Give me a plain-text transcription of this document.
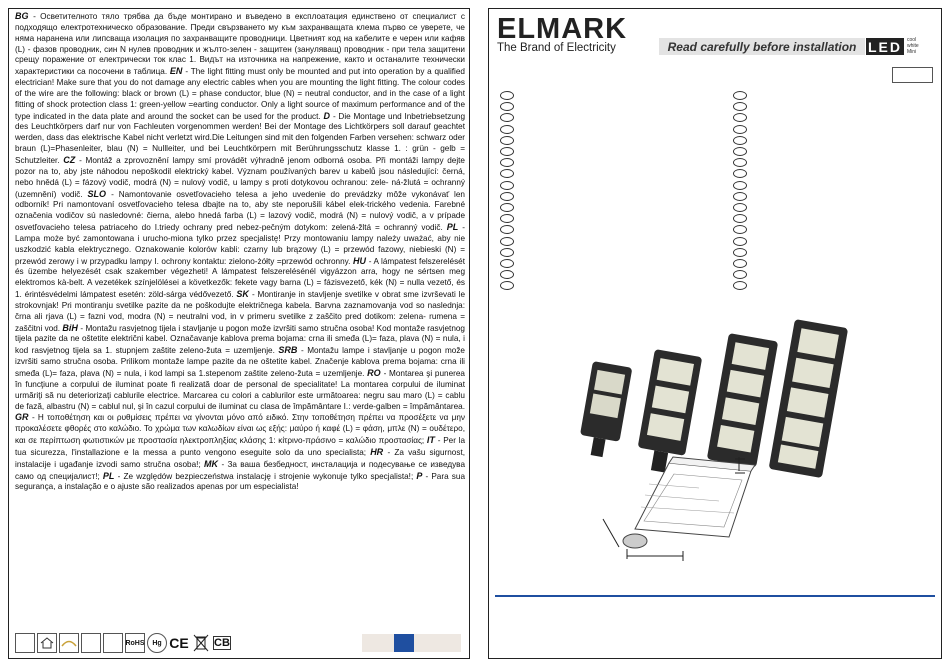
BG - Осветителното тяло трябва да бъде монтирано и въведено в експлоатация единствено от специалист с подходящо електротехническо образование. Преди свързването му към захранващата клема първо се уверете, че няма наранена или липсваща изолация по захранващите проводници. Цветният код на кабелите е черен или кафяв (L) - фазов проводник, син N нулев проводник и жълто-зелен - защитен (зануляващ) проводник - при тела защитени срещу поражение от електрически ток клас 1. Видът на източника на напрежение, както и останалите технически характеристики са посочени в таблица. EN - The light fitting must only be mounted and put into operation by a qualified electrician! Make sure that you do not damage any electric cables when you are mounting the light fitting. The colour codes of the wire are the following: black or brown (L) = phase conductor, blue (N) = neutral conductor, and in the case of a light fitting of shock protection class 1: green-yellow =earting conductor. Only a light source of maximum performance and of the type indicated in the data plate and around the socket can be used for the product. D - Die Montage und Inbetriebsetzung des Leuchtkörpers darf nur von Fachleuten vorgenommen werden! Bei der Montage des Lichtkörpers soll darauf geachtet werden, dass das elektrische Kabel nicht verletzt wird.Die Leitungen sind mit den folgenden Farben versehen: schwarz oder braun (L)=Phasenleiter, blau (N) = Nullleiter, und bei Leuchtkörpern mit Berührungsschutz klasse 1. : grün - gelb = Schutzleiter. CZ - Montáž a zprovoznění lampy smí provádět výhradně jenom odborná osoba. Při montáži lampy dejte pozor na to, aby jste náhodou nepoškodil elektrický kabel. Význam používaných barev u kabelů jsou následující: černá, nebo hnědá (L) = fázový vodič, modrá (N) = nulový vodič, u lampy s proti dotykovou ochranou: zele- ná-žlutá = ochranný (uzemnění) vodič. SLO - Namontovanie osvetľovacieho telesa a jeho uvedenie do prevádzky môže vykonávať len odborník! Pri namontovaní osvetľovacieho telesa dbajte na to, aby ste neporušili kábel elek-trického vedenia. Farebné označenia vodičov sú nasledovné: čierna, alebo hnedá farba (L) = lazový vodič, modrá (N) = nulový vodič, a v prípade osvetľovacieho telesa patriaceho do I.triedy ochrany pred nebez-pečným dotykom: zelená-žltá = ochranný vodič. PL - Lampa może być zamontowana i urucho-miona tylko przez specjalistę! Przy montowaniu lampy należy uważać, aby nie uszkodzić kabla elektrycznego. Oznakowanie kolorów kabli: czarny lub brązowy (L) = przewód fazowy, niebieski (N) = przewód zerowy i w przypadku lampy I. ochrony kontaktu: zielono-żółty =przewód ochronny. HU - A lámpatest felszerelését és üzembe helyezését csak szakember végezheti! A lámpatest felszerelésénél vigyázzon arra, hogy ne sértsen meg elektromos kà-belt. A vezetékek színjelölései a következők: fekete vagy barna (L) = fázisvezető, kék (N) = nulla vezető, és 1. érintésvédelmi lámpatest esetén: zöld-sárga védővezető. SK - Montiranje in stavljenje svetilke v obrat sme izvrševati le strokovnjak! Pri montiranju svetilke pazite da ne poškodujte električnega kabela. Barvna zaznamovanja vod so naslednja: črna ali rjava (L) = fazni vod, modra (N) = neutralni vod, in v primeru svetilke z zaščito pred dotikom: zelena- rumena = zaščitni vod. BiH - Montažu rasvjetnog tijela i stavljanje u pogon može izvršiti samo stručna osoba! Kod montaže rasvjetnog tijela pazite da ne oštetite električni kabel. Označavanje kablova prema bojama: crna ili smeđa (L)= faza, plava (N) = nula, i kod rasvjetnog tijela sa 1. stupnjem zaštite zeleno-žuta = uzemljenje. SRB - Montažu lampe i stavljanje u pogon može izvršiti samo stručna osoba. Prilikom montaže lampe pazite da ne oštetite kabel. Značenje kablova prema bojama: crna ili smeđa (L)= faza, plava (N) = nula, i kod lampi sa 1.stepenom zaštite zeleno-žuta = uzemljenje. RO - Montarea şi punerea în funcţiune a corpului de iluminat poate fi realizată doar de personal de specialitate! La montarea corpului de iluminat urmăriţi să nu deteriorizaţi cablurile electrice. Marcarea cu colori a cablurilor este următoarea: negru sau maro (L) = cablu de fază, albastru (N) = cablul nul, şi în cazul corpului de iluminat cu clasa de împământare I.: verde-galben = împământarea. GR - Η τοποθέτηση και οι ρυθμίσεις πρέπει να γίνονται μόνο από ειδικό. Στην τοποθέτηση πρέπει να προσέξετε να μην προκαλέσετε φθορές στο καλώδιο. Το χρώμα των καλωδίων είναι ως εξής: μαύρο ή καφέ (L) = φάση, μπλε (N) = ουδέτερο, και σε περίπτωση φωτιστικών με προστασία ηλεκτροπληξίας κλάσης 1: κίτρινο-πράσινο = καλώδιο προστασίας; IT - Per la tua sicurezza, l'installazione e la messa a punto vengono eseguite solo da uno specialista; HR - Za vašu sigurnost, instalacije i ugađanje izvodi samo stručna osoba!; MK - За ваша безбедност, инсталација и подесување се изведува само од специјалист!; PL - Ze względów bezpieczeństwa instalację i strojenie wykonuje tylko specjalista!; P - Para sua segurança, a instalação e o ajuste são realizados apenas por um especialista!
RoHS Hg CE CB
ELMARK
The Brand of Electricity	Read carefully before installation LED	cool
white
Mini
